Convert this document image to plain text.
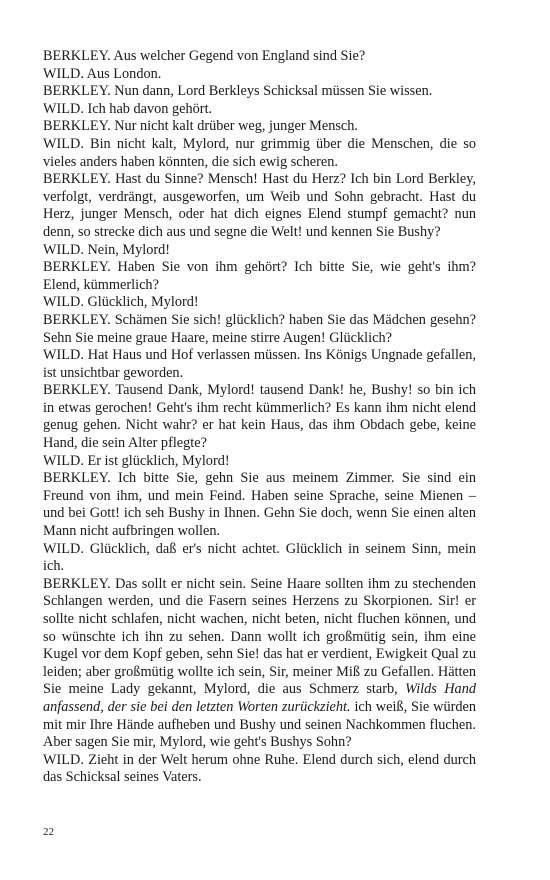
BERKLEY. Aus welcher Gegend von England sind Sie?

WILD. Aus London.

BERKLEY. Nun dann, Lord Berkleys Schicksal müssen Sie wissen.

WILD. Ich hab davon gehört.

BERKLEY. Nur nicht kalt drüber weg, junger Mensch.

WILD. Bin nicht kalt, Mylord, nur grimmig über die Menschen, die so vieles anders haben könnten, die sich ewig scheren.

BERKLEY. Hast du Sinne? Mensch! Hast du Herz? Ich bin Lord Berkley, verfolgt, verdrängt, ausgeworfen, um Weib und Sohn gebracht. Hast du Herz, junger Mensch, oder hat dich eignes Elend stumpf gemacht? nun denn, so strecke dich aus und segne die Welt! und kennen Sie Bushy?

WILD. Nein, Mylord!

BERKLEY. Haben Sie von ihm gehört? Ich bitte Sie, wie geht's ihm? Elend, kümmerlich?

WILD. Glücklich, Mylord!

BERKLEY. Schämen Sie sich! glücklich? haben Sie das Mädchen gesehn? Sehn Sie meine graue Haare, meine stirre Augen! Glücklich?

WILD. Hat Haus und Hof verlassen müssen. Ins Königs Ungnade gefallen, ist unsichtbar geworden.

BERKLEY. Tausend Dank, Mylord! tausend Dank! he, Bushy! so bin ich in etwas gerochen! Geht's ihm recht kümmerlich? Es kann ihm nicht elend genug gehen. Nicht wahr? er hat kein Haus, das ihm Obdach gebe, keine Hand, die sein Alter pflegte?

WILD. Er ist glücklich, Mylord!

BERKLEY. Ich bitte Sie, gehn Sie aus meinem Zimmer. Sie sind ein Freund von ihm, und mein Feind. Haben seine Sprache, seine Mienen – und bei Gott! ich seh Bushy in Ihnen. Gehn Sie doch, wenn Sie einen alten Mann nicht aufbringen wollen.

WILD. Glücklich, daß er's nicht achtet. Glücklich in seinem Sinn, mein ich.

BERKLEY. Das sollt er nicht sein. Seine Haare sollten ihm zu stechenden Schlangen werden, und die Fasern seines Herzens zu Skorpionen. Sir! er sollte nicht schlafen, nicht wachen, nicht beten, nicht fluchen können, und so wünschte ich ihn zu sehen. Dann wollt ich großmütig sein, ihm eine Kugel vor dem Kopf geben, sehn Sie! das hat er verdient, Ewigkeit Qual zu leiden; aber großmütig wollte ich sein, Sir, meiner Miß zu Gefallen. Hätten Sie meine Lady gekannt, Mylord, die aus Schmerz starb, Wilds Hand anfassend, der sie bei den letzten Worten zurückzieht. ich weiß, Sie würden mit mir Ihre Hände aufheben und Bushy und seinen Nachkommen fluchen. Aber sagen Sie mir, Mylord, wie geht's Bushys Sohn?

WILD. Zieht in der Welt herum ohne Ruhe. Elend durch sich, elend durch das Schicksal seines Vaters.

22
